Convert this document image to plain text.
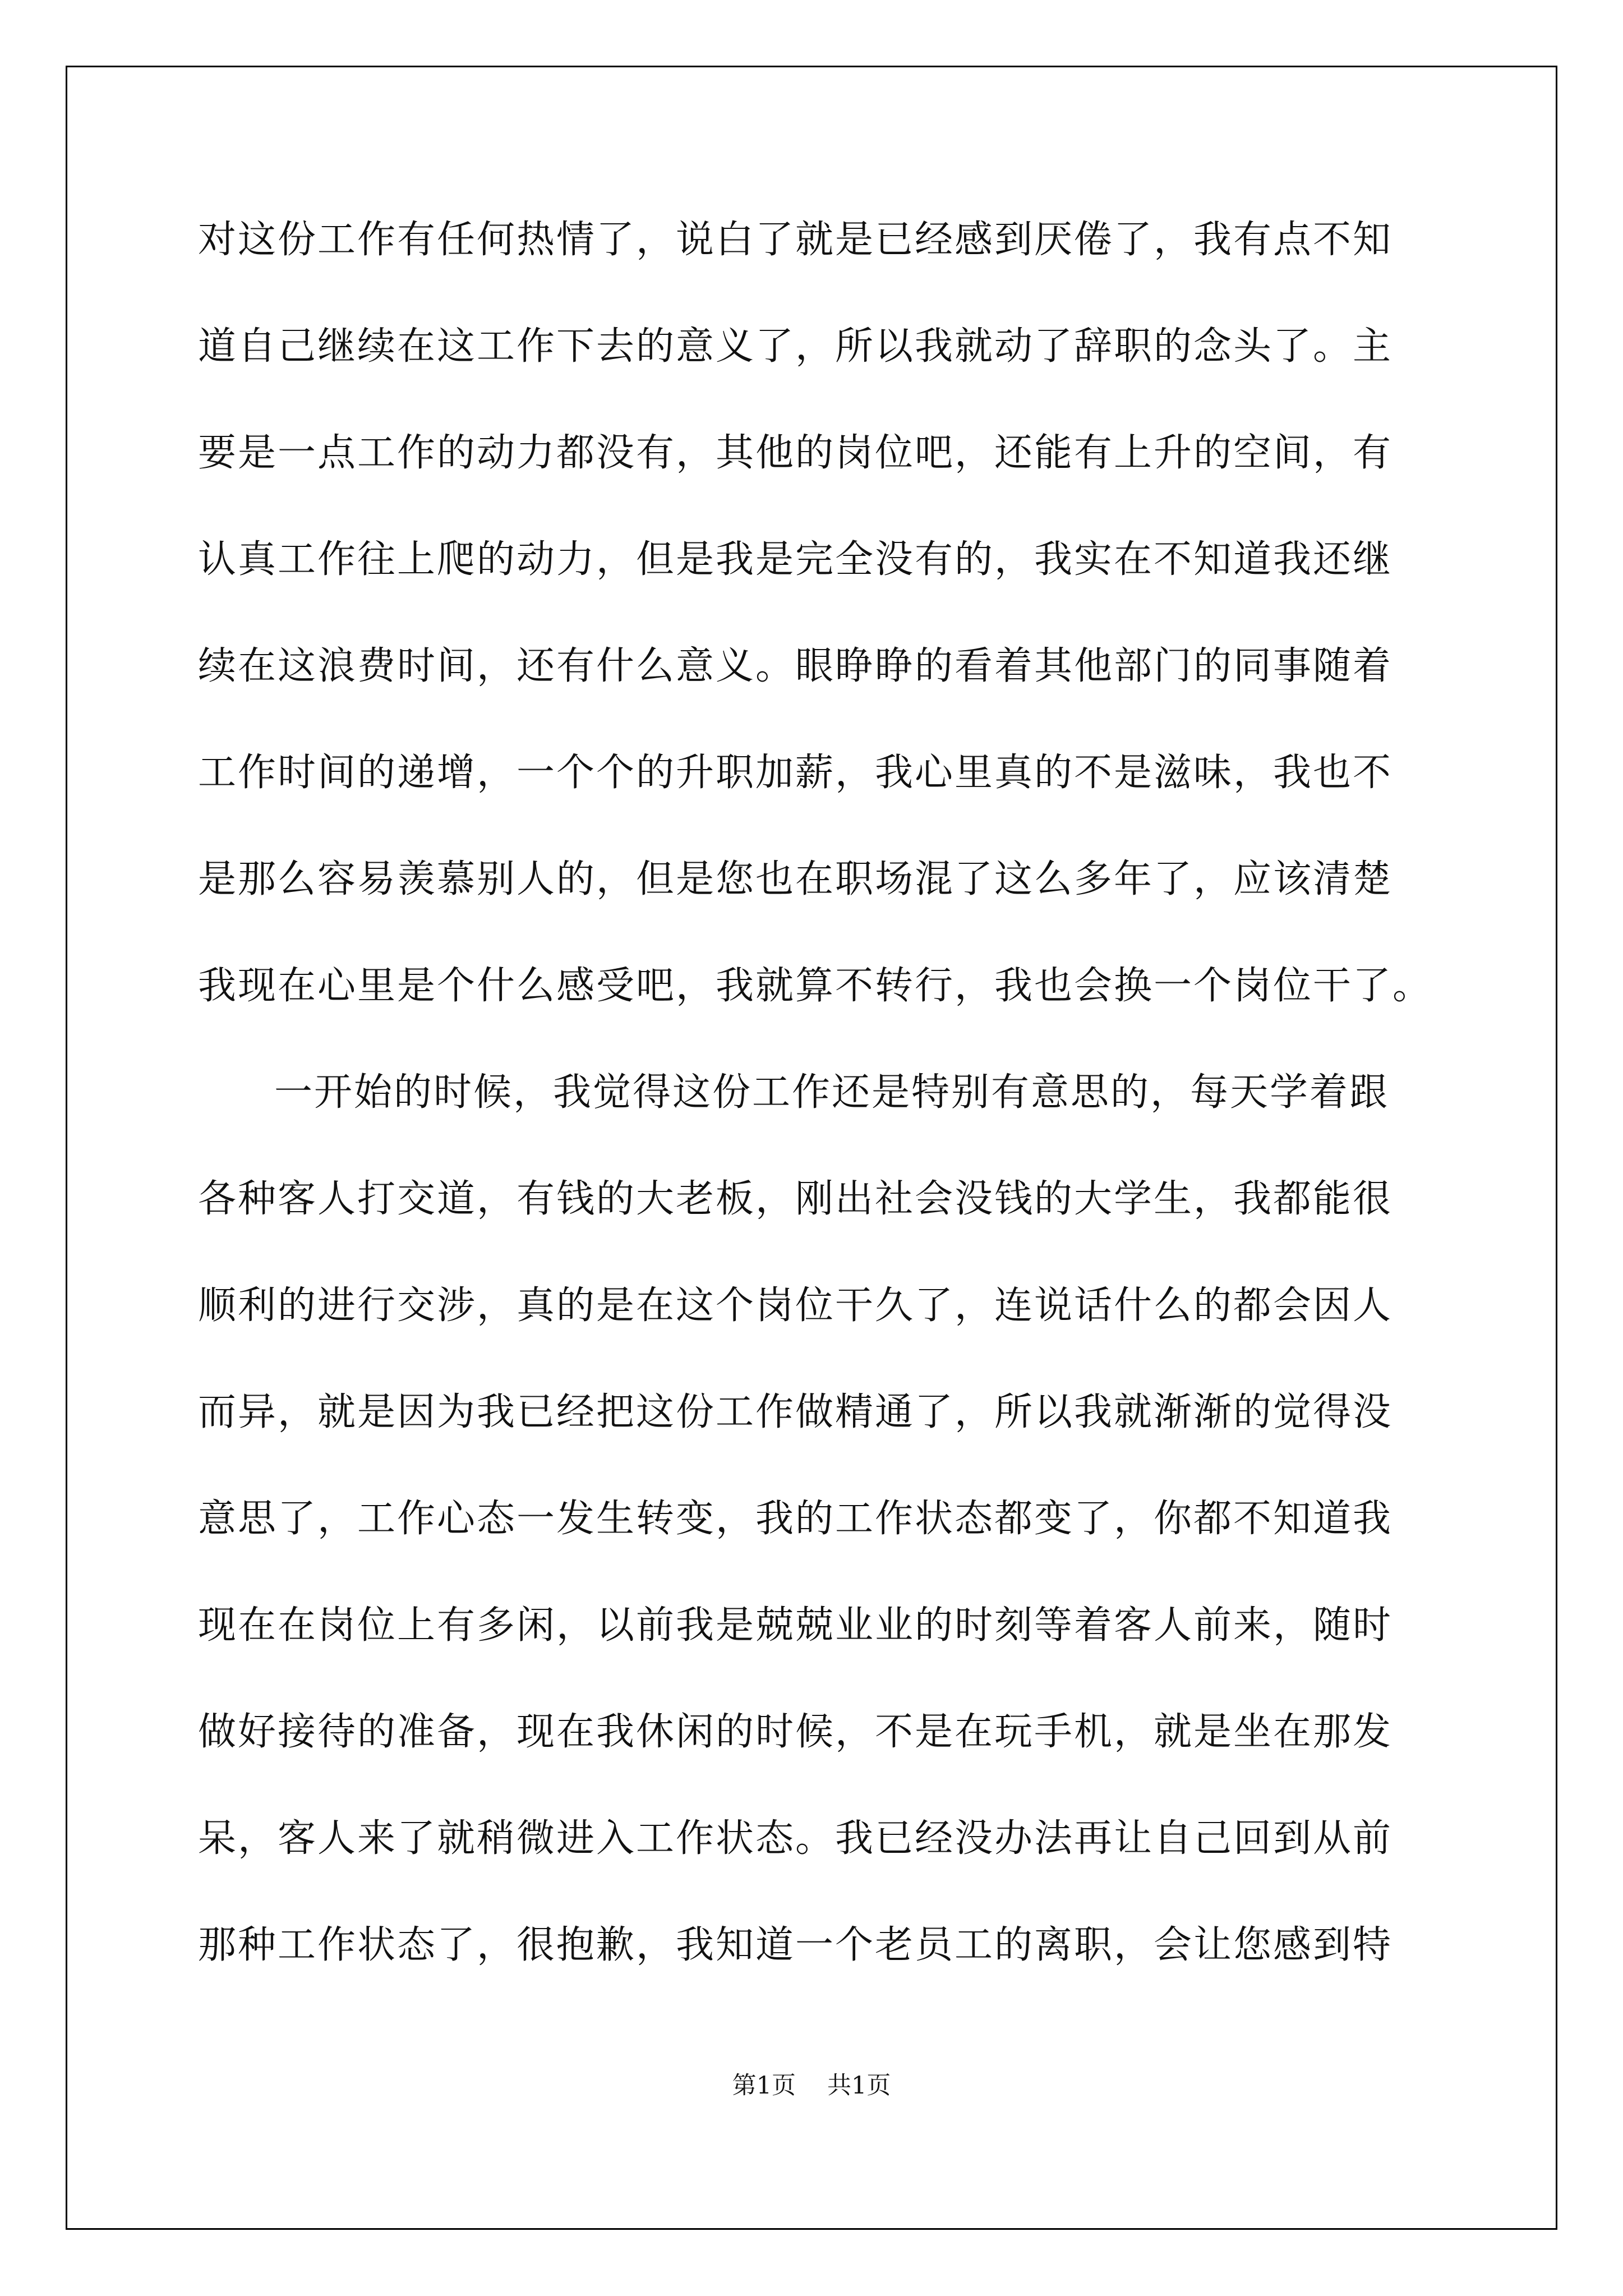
对这份工作有任何热情了，说白了就是已经感到厌倦了，我有点不知
道自己继续在这工作下去的意义了，所以我就动了辞职的念头了。主
要是一点工作的动力都没有，其他的岗位吧，还能有上升的空间，有
认真工作往上爬的动力，但是我是完全没有的，我实在不知道我还继
续在这浪费时间，还有什么意义。眼睁睁的看着其他部门的同事随着
工作时间的递增，一个个的升职加薪，我心里真的不是滋味，我也不
是那么容易羡慕别人的，但是您也在职场混了这么多年了，应该清楚
我现在心里是个什么感受吧，我就算不转行，我也会换一个岗位干了。
一开始的时候，我觉得这份工作还是特别有意思的，每天学着跟
各种客人打交道，有钱的大老板，刚出社会没钱的大学生，我都能很
顺利的进行交涉，真的是在这个岗位干久了，连说话什么的都会因人
而异，就是因为我已经把这份工作做精通了，所以我就渐渐的觉得没
意思了，工作心态一发生转变，我的工作状态都变了，你都不知道我
现在在岗位上有多闲，以前我是兢兢业业的时刻等着客人前来，随时
做好接待的准备，现在我休闲的时候，不是在玩手机，就是坐在那发
呆，客人来了就稍微进入工作状态。我已经没办法再让自己回到从前
那种工作状态了，很抱歉，我知道一个老员工的离职，会让您感到特
第1页 共1页
